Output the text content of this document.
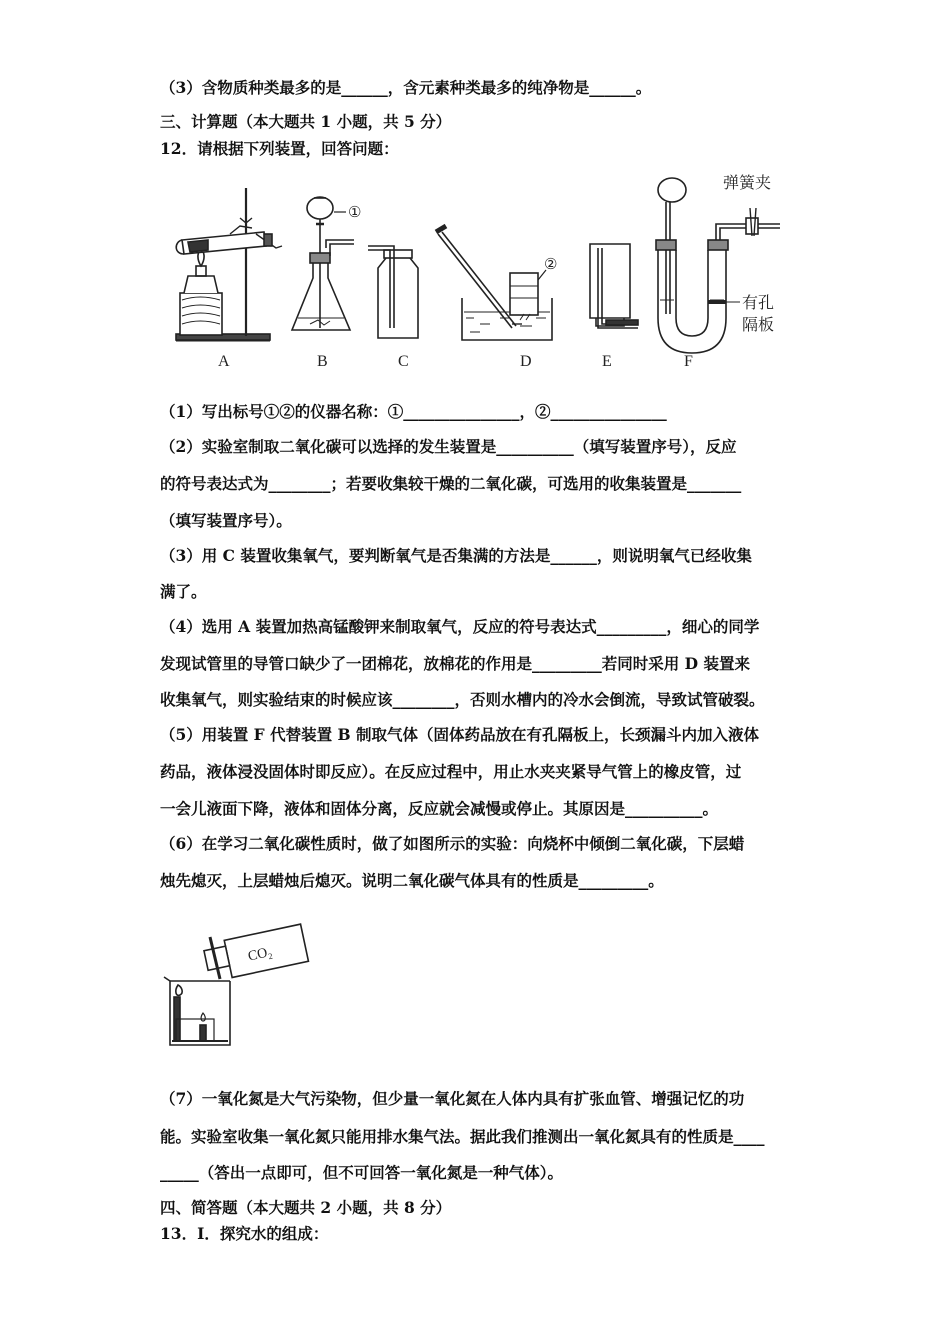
（3）含物质种类最多的是______，含元素种类最多的纯净物是______。
三、计算题（本大题共 1 小题，共 5 分）
12．请根据下列装置，回答问题：
A
①
B	C
②
D	E
弹簧夹
有孔
隔板
F
（1）写出标号①②的仪器名称：①_______________，②_______________
（2）实验室制取二氧化碳可以选择的发生装置是__________（填写装置序号），反应
的符号表达式为________；若要收集较干燥的二氧化碳，可选用的收集装置是_______
（填写装置序号）。
（3）用 C 装置收集氧气，要判断氧气是否集满的方法是______，则说明氧气已经收集
满了。
（4）选用 A 装置加热高锰酸钾来制取氧气，反应的符号表达式_________，细心的同学
发现试管里的导管口缺少了一团棉花，放棉花的作用是_________若同时采用 D 装置来
收集氧气，则实验结束的时候应该________，否则水槽内的冷水会倒流，导致试管破裂。
（5）用装置 F 代替装置 B 制取气体（固体药品放在有孔隔板上，长颈漏斗内加入液体
药品，液体浸没固体时即反应）。在反应过程中，用止水夹夹紧导气管上的橡皮管，过
一会儿液面下降，液体和固体分离，反应就会减慢或停止。其原因是__________。
（6）在学习二氧化碳性质时，做了如图所示的实验：向烧杯中倾倒二氧化碳，下层蜡
烛先熄灭，上层蜡烛后熄灭。说明二氧化碳气体具有的性质是_________。
CO₂
（7）一氧化氮是大气污染物，但少量一氧化氮在人体内具有扩张血管、增强记忆的功
能。实验室收集一氧化氮只能用排水集气法。据此我们推测出一氧化氮具有的性质是____
_____（答出一点即可，但不可回答一氧化氮是一种气体）。
四、简答题（本大题共 2 小题，共 8 分）
13．I．探究水的组成：
